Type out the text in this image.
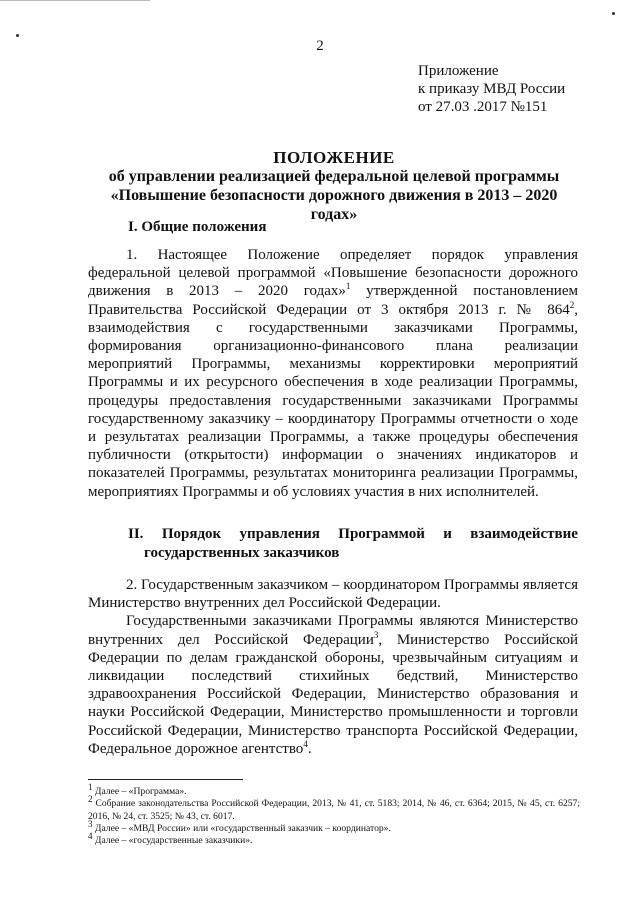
2
Приложение
к приказу МВД России
от 27.03 .2017 №151
ПОЛОЖЕНИЕ
об управлении реализацией федеральной целевой программы
«Повышение безопасности дорожного движения в 2013 – 2020 годах»
I. Общие положения

1. Настоящее Положение определяет порядок управления федеральной целевой программой «Повышение безопасности дорожного движения в 2013 – 2020 годах»$^1$ утвержденной постановлением Правительства Российской Федерации от 3 октября 2013 г. № $864^2$, взаимодействия с государственными заказчиками Программы, формирования организационно-финансового плана реализации мероприятий Программы, механизмы корректировки мероприятий Программы и их ресурсного обеспечения в ходе реализации Программы, процедуры предоставления государственными заказчиками Программы государственному заказчику – координатору Программы отчетности о ходе и результатах реализации Программы, а также процедуры обеспечения публичности (открытости) информации о значениях индикаторов и показателей Программы, результатах мониторинга реализации Программы, мероприятиях Программы и об условиях участия в них исполнителей.

II. Порядок управления Программой и взаимодействие
государственных заказчиков

2. Государственным заказчиком – координатором Программы является Министерство внутренних дел Российской Федерации.

Государственными заказчиками Программы являются Министерство внутренних дел Российской Федерации$^3$, Министерство Российской Федерации по делам гражданской обороны, чрезвычайным ситуациям и ликвидации последствий стихийных бедствий, Министерство здравоохранения Российской Федерации, Министерство образования и науки Российской Федерации, Министерство промышленности и торговли Российской Федерации, Министерство транспорта Российской Федерации, Федеральное дорожное агентство$^4$.

$^1$ Далее – «Программа».
$^2$ Собрание законодательства Российской Федерации, 2013, № 41, ст. 5183; 2014, № 46, ст. 6364; 2015, № 45, ст. 6257; 2016, № 24, ст. 3525; № 43, ст. 6017.
$^3$ Далее – «МВД России» или «государственный заказчик – координатор».
$^4$ Далее – «государственные заказчики».
